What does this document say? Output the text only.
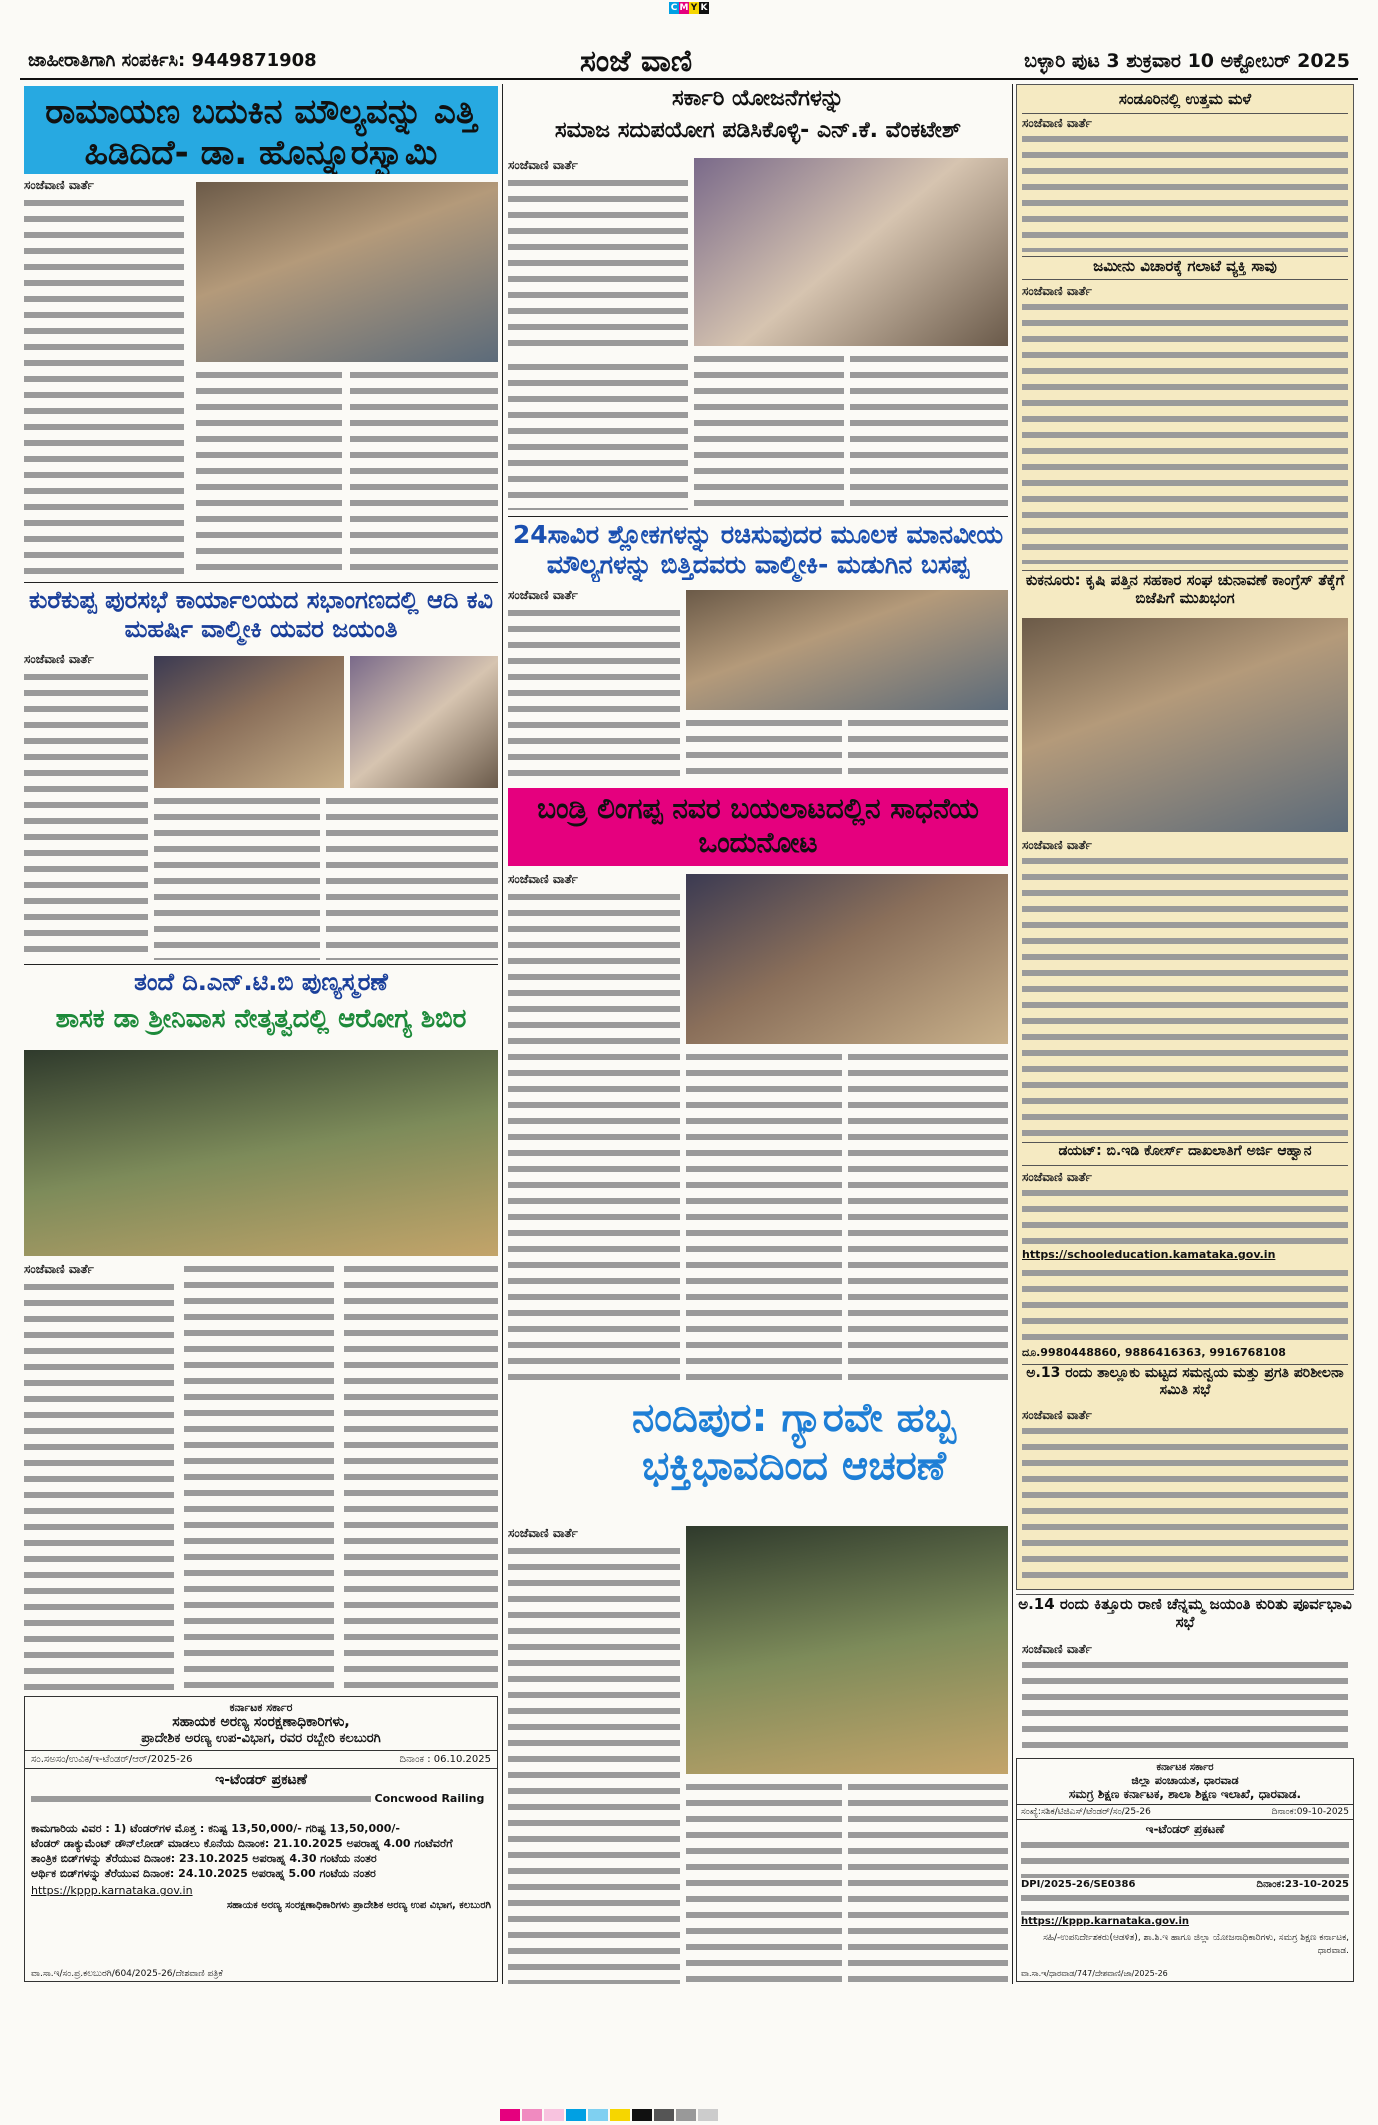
C M Y K
ಜಾಹೀರಾತಿಗಾಗಿ ಸಂಪರ್ಕಿಸಿ: 9449871908	ಸಂಜೆ ವಾಣಿ	ಬಳ್ಳಾರಿ ಪುಟ 3 ಶುಕ್ರವಾರ 10 ಅಕ್ಟೋಬರ್ 2025
ರಾಮಾಯಣ ಬದುಕಿನ ಮೌಲ್ಯವನ್ನು ಎತ್ತಿ ಹಿಡಿದಿದೆ- ಡಾ. ಹೊನ್ನೂರಸ್ವಾಮಿ
ಸಂಜೆವಾಣಿ ವಾರ್ತೆ
ಕುರೆಕುಪ್ಪ ಪುರಸಭೆ ಕಾರ್ಯಾಲಯದ ಸಭಾಂಗಣದಲ್ಲಿ ಆದಿ ಕವಿ ಮಹರ್ಷಿ ವಾಲ್ಮೀಕಿ ಯವರ ಜಯಂತಿ
ಸಂಜೆವಾಣಿ ವಾರ್ತೆ
ತಂದೆ ದಿ.ಎನ್.ಟಿ.ಬಿ ಪುಣ್ಯಸ್ಮರಣೆ
ಶಾಸಕ ಡಾ ಶ್ರೀನಿವಾಸ ನೇತೃತ್ವದಲ್ಲಿ ಆರೋಗ್ಯ ಶಿಬಿರ
ಸಂಜೆವಾಣಿ ವಾರ್ತೆ
ಕರ್ನಾಟಕ ಸರ್ಕಾರ
ಸಹಾಯಕ ಅರಣ್ಯ ಸಂರಕ್ಷಣಾಧಿಕಾರಿಗಳು,
ಪ್ರಾದೇಶಿಕ ಅರಣ್ಯ ಉಪ-ವಿಭಾಗ, ರವರ ರಬ್ಬೇರಿ ಕಲಬುರಗಿ
ಸಂ.ಸಅಸಂ/ಉವಿಕ/ಇ-ಟೆಂಡರ್/ಆರ್/2025-26	ದಿನಾಂಕ : 06.10.2025
ಇ-ಟೆಂಡರ್ ಪ್ರಕಟಣೆ
Concwood Railing
ಕಾಮಗಾರಿಯ ವಿವರ : 1) ಟೆಂಡರ್‌ಗಳ ಮೊತ್ತ : ಕನಿಷ್ಟ 13,50,000/- ಗರಿಷ್ಟ 13,50,000/-
ಟೆಂಡರ್ ಡಾಕ್ಯುಮೆಂಟ್ ಡೌನ್‌ಲೋಡ್ ಮಾಡಲು ಕೊನೆಯ ದಿನಾಂಕ: 21.10.2025 ಅಪರಾಹ್ನ 4.00 ಗಂಟೆವರೆಗೆ
ತಾಂತ್ರಿಕ ಬಿಡ್‌ಗಳನ್ನು ತೆರೆಯುವ ದಿನಾಂಕ: 23.10.2025 ಅಪರಾಹ್ನ 4.30 ಗಂಟೆಯ ನಂತರ
ಆರ್ಥಿಕ ಬಿಡ್‌ಗಳನ್ನು ತೆರೆಯುವ ದಿನಾಂಕ: 24.10.2025 ಅಪರಾಹ್ನ 5.00 ಗಂಟೆಯ ನಂತರ
https://kppp.karnataka.gov.in
ಸಹಾಯಕ ಅರಣ್ಯ ಸಂರಕ್ಷಣಾಧಿಕಾರಿಗಳು ಪ್ರಾದೇಶಿಕ ಅರಣ್ಯ ಉಪ ವಿಭಾಗ, ಕಲಬುರಗಿ
ವಾ.ಸಾ.ಇ/ಸಂ.ಪ್ರ.ಕಲಬುರಗಿ/604/2025-26/ದೇಶವಾಣಿ ಪತ್ರಿಕೆ
ಸರ್ಕಾರಿ ಯೋಜನೆಗಳನ್ನು
ಸಮಾಜ ಸದುಪಯೋಗ ಪಡಿಸಿಕೊಳ್ಳಿ- ಎನ್.ಕೆ. ವೆಂಕಟೇಶ್
ಸಂಜೆವಾಣಿ ವಾರ್ತೆ
24ಸಾವಿರ ಶ್ಲೋಕಗಳನ್ನು ರಚಿಸುವುದರ ಮೂಲಕ ಮಾನವೀಯ ಮೌಲ್ಯಗಳನ್ನು ಬಿತ್ತಿದವರು ವಾಲ್ಮೀಕಿ- ಮಡುಗಿನ ಬಸಪ್ಪ
ಸಂಜೆವಾಣಿ ವಾರ್ತೆ
ಬಂಡ್ರಿ ಲಿಂಗಪ್ಪ ನವರ ಬಯಲಾಟದಲ್ಲಿನ ಸಾಧನೆಯ ಒಂದುನೋಟ
ಸಂಜೆವಾಣಿ ವಾರ್ತೆ
ನಂದಿಪುರ: ಗ್ಯಾರವೇ ಹಬ್ಬ ಭಕ್ತಿಭಾವದಿಂದ ಆಚರಣೆ
ಸಂಜೆವಾಣಿ ವಾರ್ತೆ
ಸಂಡೂರಿನಲ್ಲಿ ಉತ್ತಮ ಮಳೆ
ಸಂಜೆವಾಣಿ ವಾರ್ತೆ
ಜಮೀನು ವಿಚಾರಕ್ಕೆ ಗಲಾಟೆ ವ್ಯಕ್ತಿ ಸಾವು
ಸಂಜೆವಾಣಿ ವಾರ್ತೆ
ಕುಕನೂರು: ಕೃಷಿ ಪತ್ತಿನ ಸಹಕಾರ ಸಂಘ ಚುನಾವಣೆ ಕಾಂಗ್ರೆಸ್ ತೆಕ್ಕೆಗೆ ಬಿಜೆಪಿಗೆ ಮುಖಭಂಗ
ಸಂಜೆವಾಣಿ ವಾರ್ತೆ
ಡಯಟ್: ಬಿ.ಇಡಿ ಕೋರ್ಸ್ ದಾಖಲಾತಿಗೆ ಅರ್ಜಿ ಆಹ್ವಾನ
ಸಂಜೆವಾಣಿ ವಾರ್ತೆ
https://schooleducation.kamataka.gov.in
ದೂ.9980448860, 9886416363, 9916768108
ಅ.13 ರಂದು ತಾಲ್ಲೂಕು ಮಟ್ಟದ ಸಮನ್ವಯ ಮತ್ತು ಪ್ರಗತಿ ಪರಿಶೀಲನಾ ಸಮಿತಿ ಸಭೆ
ಸಂಜೆವಾಣಿ ವಾರ್ತೆ
ಅ.14 ರಂದು ಕಿತ್ತೂರು ರಾಣಿ ಚೆನ್ನಮ್ಮ ಜಯಂತಿ ಕುರಿತು ಪೂರ್ವಭಾವಿ ಸಭೆ
ಸಂಜೆವಾಣಿ ವಾರ್ತೆ
ಕರ್ನಾಟಕ ಸರ್ಕಾರ
ಜಿಲ್ಲಾ ಪಂಚಾಯತ, ಧಾರವಾಡ
ಸಮಗ್ರ ಶಿಕ್ಷಣ ಕರ್ನಾಟಕ, ಶಾಲಾ ಶಿಕ್ಷಣ ಇಲಾಖೆ, ಧಾರವಾಡ.
ಸಂಖ್ಯೆ:ಸಶಿಕ/ಟಿಜಿಎಸ್/ಟೆಂಡರ್/ಸಂ/25-26	ದಿನಾಂಕ:09-10-2025
ಇ-ಟೆಂಡರ್ ಪ್ರಕಟಣೆ
DPI/2025-26/SE0386	ದಿನಾಂಕ:23-10-2025
https://kppp.karnataka.gov.in
ಸಹಿ/-ಉಪನಿರ್ದೇಶಕರು(ಆಡಳಿತ), ಶಾ.ಶಿ.ಇ ಹಾಗೂ ಜಿಲ್ಲಾ ಯೋಜನಾಧಿಕಾರಿಗಳು, ಸಮಗ್ರ ಶಿಕ್ಷಣ ಕರ್ನಾಟಕ, ಧಾರವಾಡ.
ವಾ.ಸಾ.ಇ/ಧಾರವಾಡ/747/ದೇಶವಾಣಿ/ಜಾ/2025-26
